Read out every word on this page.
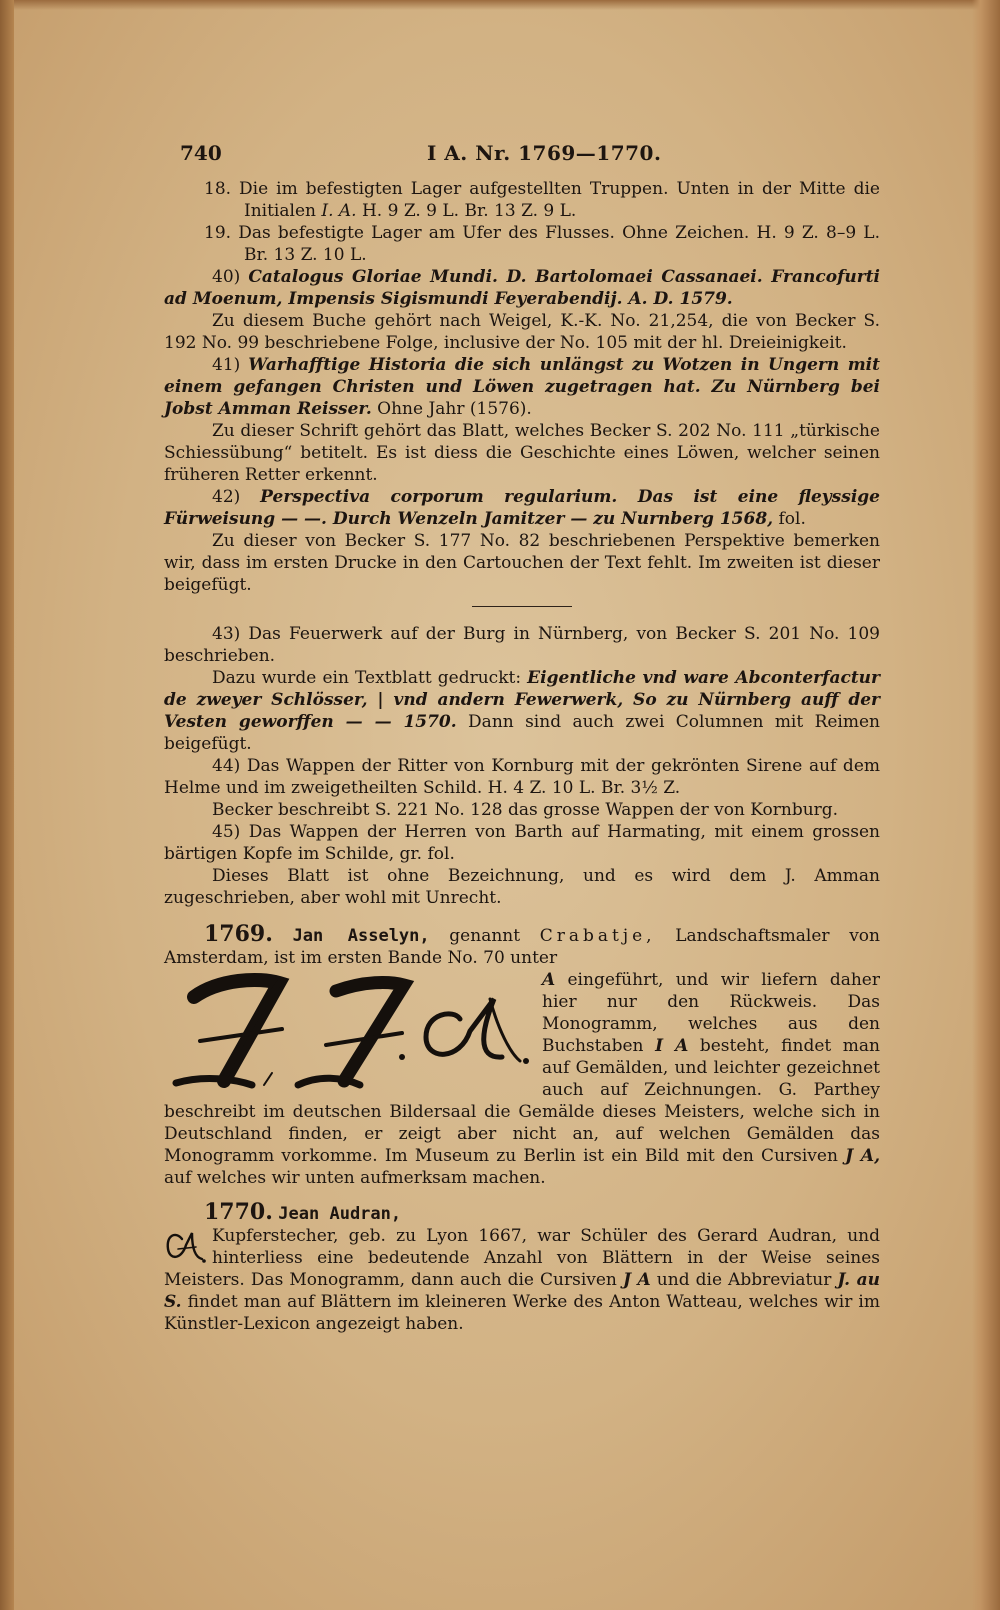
740	I A. Nr. 1769—1770.

18. Die im befestigten Lager aufgestellten Truppen. Unten in der Mitte die Initialen I. A. H. 9 Z. 9 L. Br. 13 Z. 9 L.

19. Das befestigte Lager am Ufer des Flusses. Ohne Zeichen. H. 9 Z. 8–9 L. Br. 13 Z. 10 L.

40) Catalogus Gloriae Mundi. D. Bartolomaei Cassanaei. Francofurti ad Moenum, Impensis Sigismundi Feyerabendij. A. D. 1579.

Zu diesem Buche gehört nach Weigel, K.-K. No. 21,254, die von Becker S. 192 No. 99 beschriebene Folge, inclusive der No. 105 mit der hl. Dreieinigkeit.

41) Warhafftige Historia die sich unlängst zu Wotzen in Ungern mit einem gefangen Christen und Löwen zugetragen hat. Zu Nürnberg bei Jobst Amman Reisser. Ohne Jahr (1576).

Zu dieser Schrift gehört das Blatt, welches Becker S. 202 No. 111 „türkische Schiessübung“ betitelt. Es ist diess die Geschichte eines Löwen, welcher seinen früheren Retter erkennt.

42) Perspectiva corporum regularium. Das ist eine fleyssige Fürweisung — —. Durch Wenzeln Jamitzer — zu Nurnberg 1568, fol.

Zu dieser von Becker S. 177 No. 82 beschriebenen Perspektive bemerken wir, dass im ersten Drucke in den Cartouchen der Text fehlt. Im zweiten ist dieser beigefügt.

43) Das Feuerwerk auf der Burg in Nürnberg, von Becker S. 201 No. 109 beschrieben.

Dazu wurde ein Textblatt gedruckt: Eigentliche vnd ware Abconterfactur de zweyer Schlösser, | vnd andern Fewerwerk, So zu Nürnberg auff der Vesten geworffen — — 1570. Dann sind auch zwei Columnen mit Reimen beigefügt.

44) Das Wappen der Ritter von Kornburg mit der gekrönten Sirene auf dem Helme und im zweigetheilten Schild. H. 4 Z. 10 L. Br. 3½ Z.

Becker beschreibt S. 221 No. 128 das grosse Wappen der von Kornburg.

45) Das Wappen der Herren von Barth auf Harmating, mit einem grossen bärtigen Kopfe im Schilde, gr. fol.

Dieses Blatt ist ohne Bezeichnung, und es wird dem J. Amman zugeschrieben, aber wohl mit Unrecht.

1769. Jan Asselyn, genannt Crabatje, Landschaftsmaler von Amsterdam, ist im ersten Bande No. 70 unter

A eingeführt, und wir liefern daher hier nur den Rückweis. Das Monogramm, welches aus den Buchstaben I A besteht, findet man auf Gemälden, und leichter gezeichnet auch auf Zeichnungen. G. Parthey beschreibt im deutschen Bildersaal die Gemälde dieses Meisters, welche sich in Deutschland finden, er zeigt aber nicht an, auf welchen Gemälden das Monogramm vorkomme. Im Museum zu Berlin ist ein Bild mit den Cursiven J A, auf welches wir unten aufmerksam machen.

1770. Jean Audran,

Kupferstecher, geb. zu Lyon 1667, war Schüler des Gerard Audran, und hinterliess eine bedeutende Anzahl von Blättern in der Weise seines Meisters. Das Monogramm, dann auch die Cursiven J A und die Abbreviatur J. au S. findet man auf Blättern im kleineren Werke des Anton Watteau, welches wir im Künstler-Lexicon angezeigt haben.
